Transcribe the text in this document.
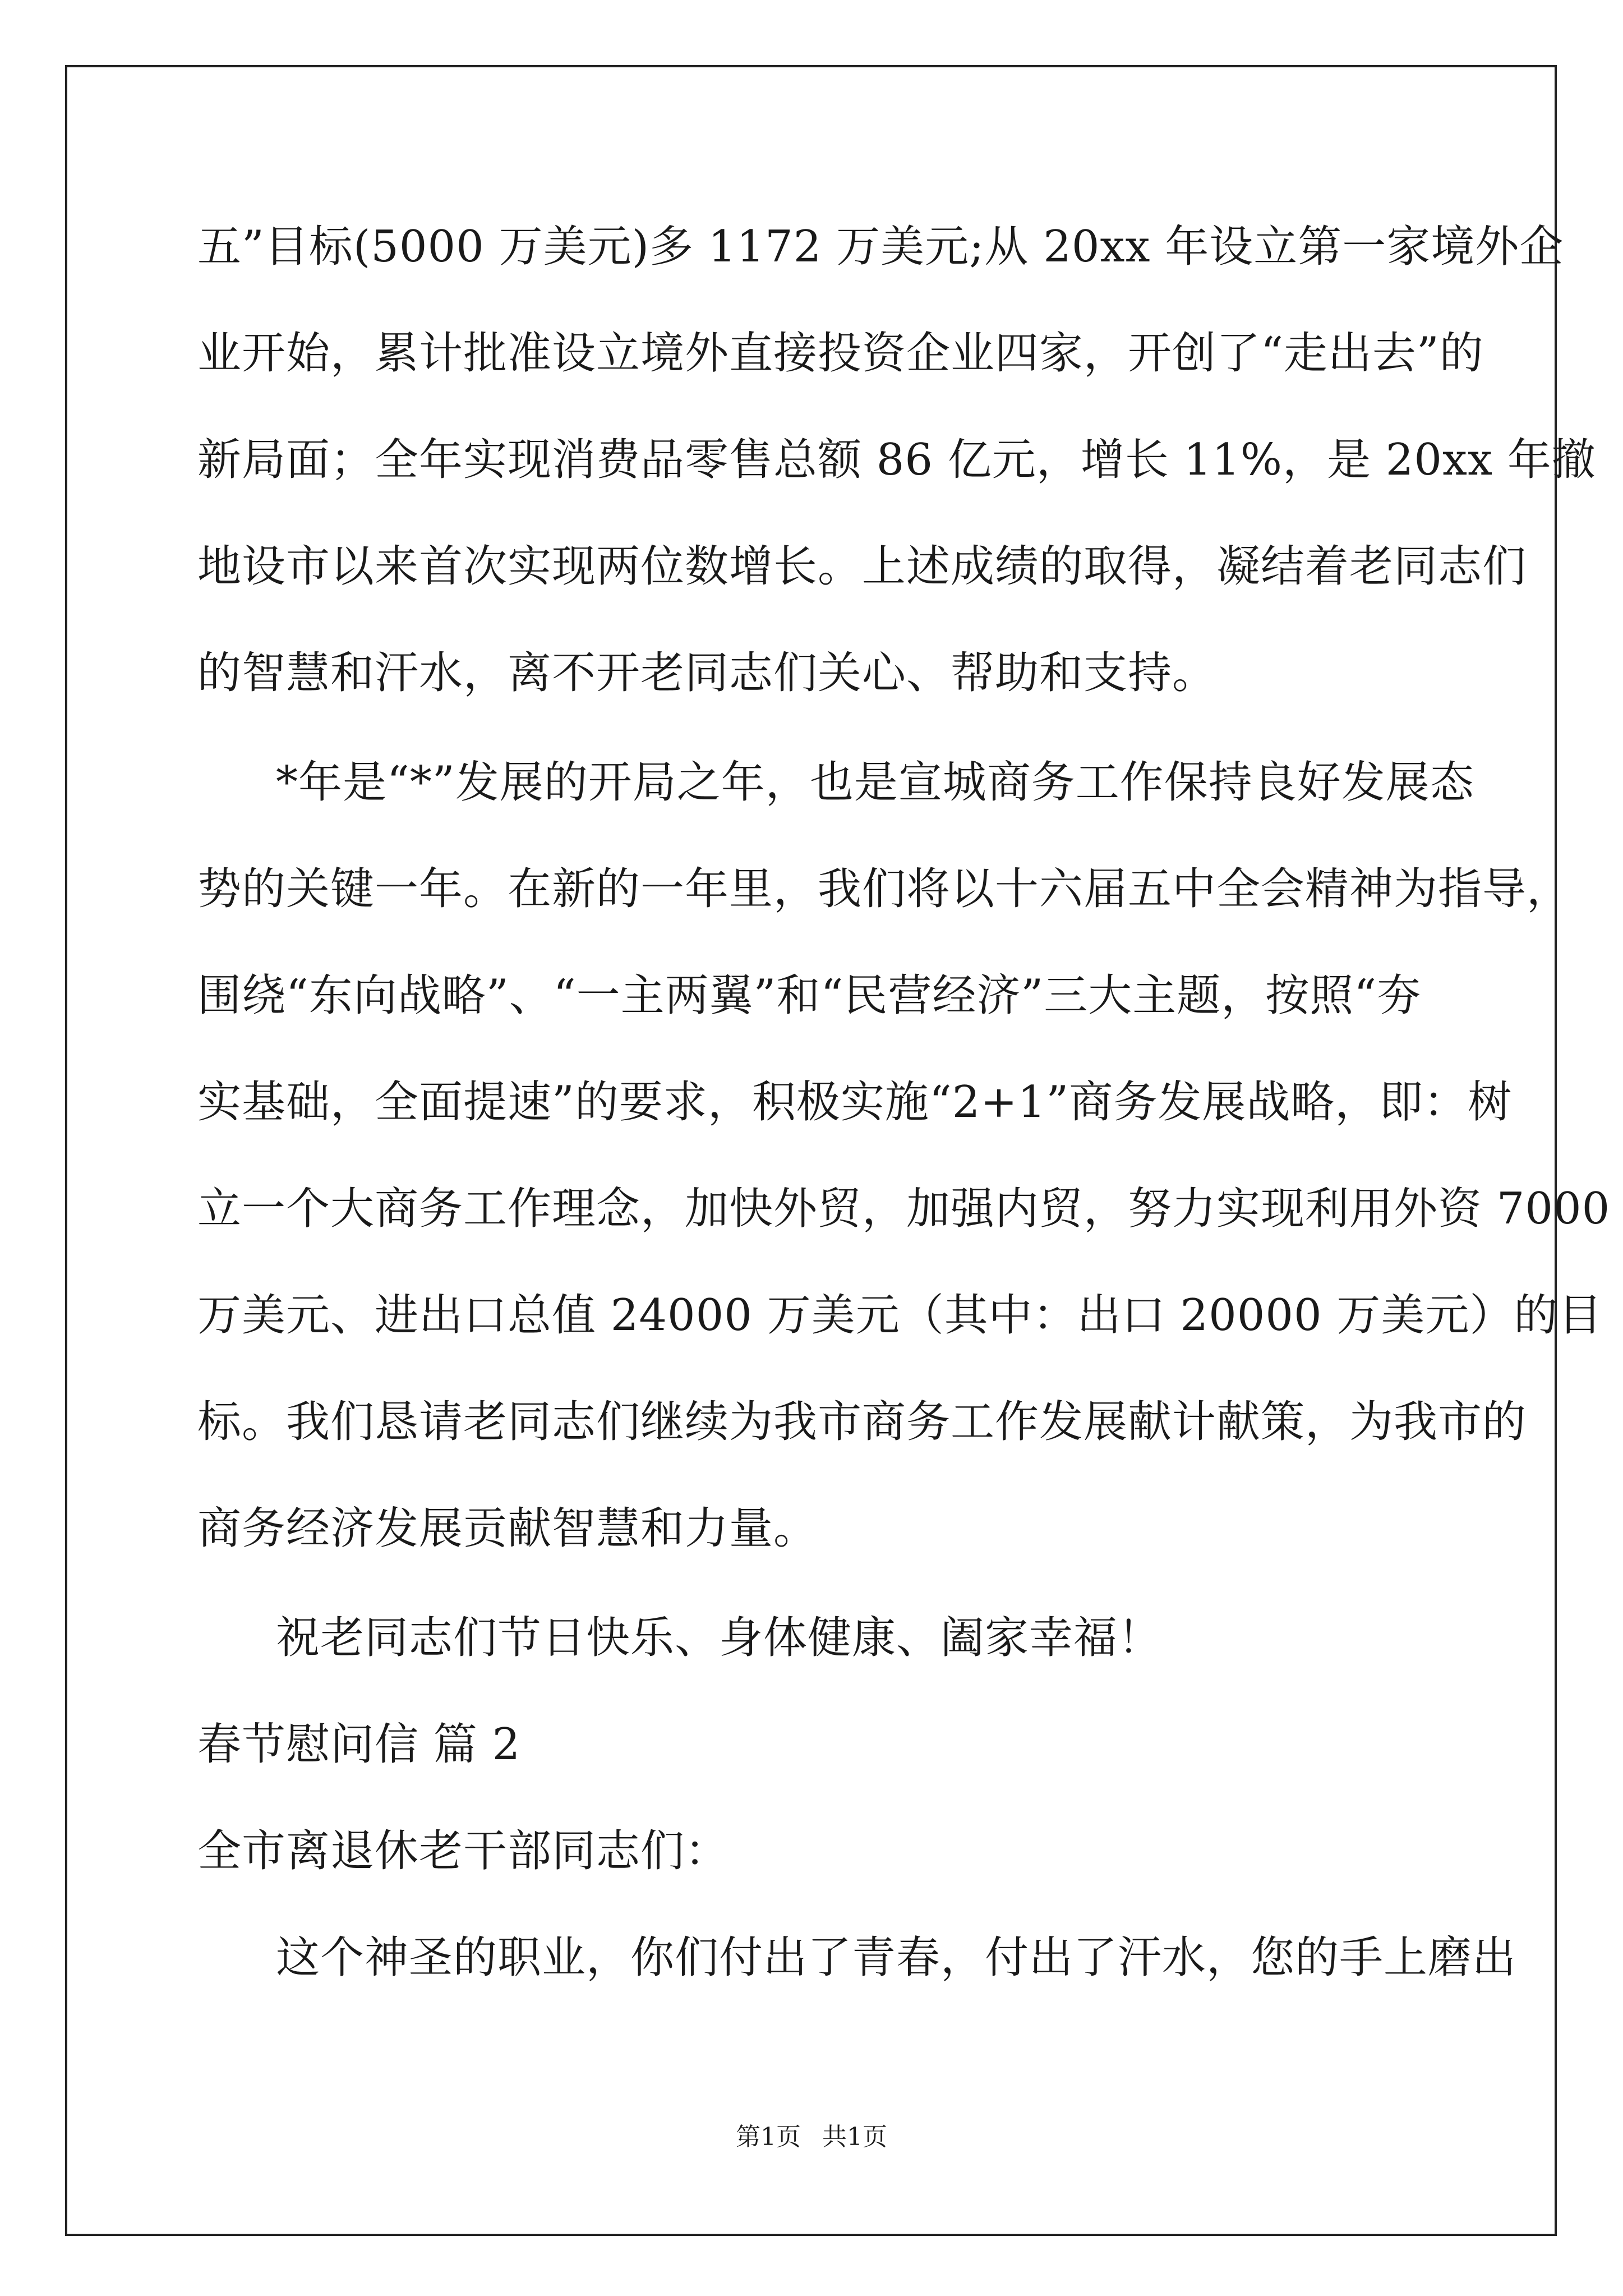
五”目标(5000 万美元)多 1172 万美元;从 20xx 年设立第一家境外企
业开始，累计批准设立境外直接投资企业四家，开创了“走出去”的
新局面；全年实现消费品零售总额 86 亿元，增长 11%，是 20xx 年撤
地设市以来首次实现两位数增长。上述成绩的取得，凝结着老同志们
的智慧和汗水，离不开老同志们关心、帮助和支持。
*年是“*”发展的开局之年，也是宣城商务工作保持良好发展态
势的关键一年。在新的一年里，我们将以十六届五中全会精神为指导，
围绕“东向战略”、“一主两翼”和“民营经济”三大主题，按照“夯
实基础，全面提速”的要求，积极实施“2+1”商务发展战略，即：树
立一个大商务工作理念，加快外贸，加强内贸，努力实现利用外资 7000
万美元、进出口总值 24000 万美元（其中：出口 20000 万美元）的目
标。我们恳请老同志们继续为我市商务工作发展献计献策，为我市的
商务经济发展贡献智慧和力量。
祝老同志们节日快乐、身体健康、阖家幸福！
春节慰问信 篇 2
全市离退休老干部同志们：
这个神圣的职业，你们付出了青春，付出了汗水，您的手上磨出
第1页 共1页
